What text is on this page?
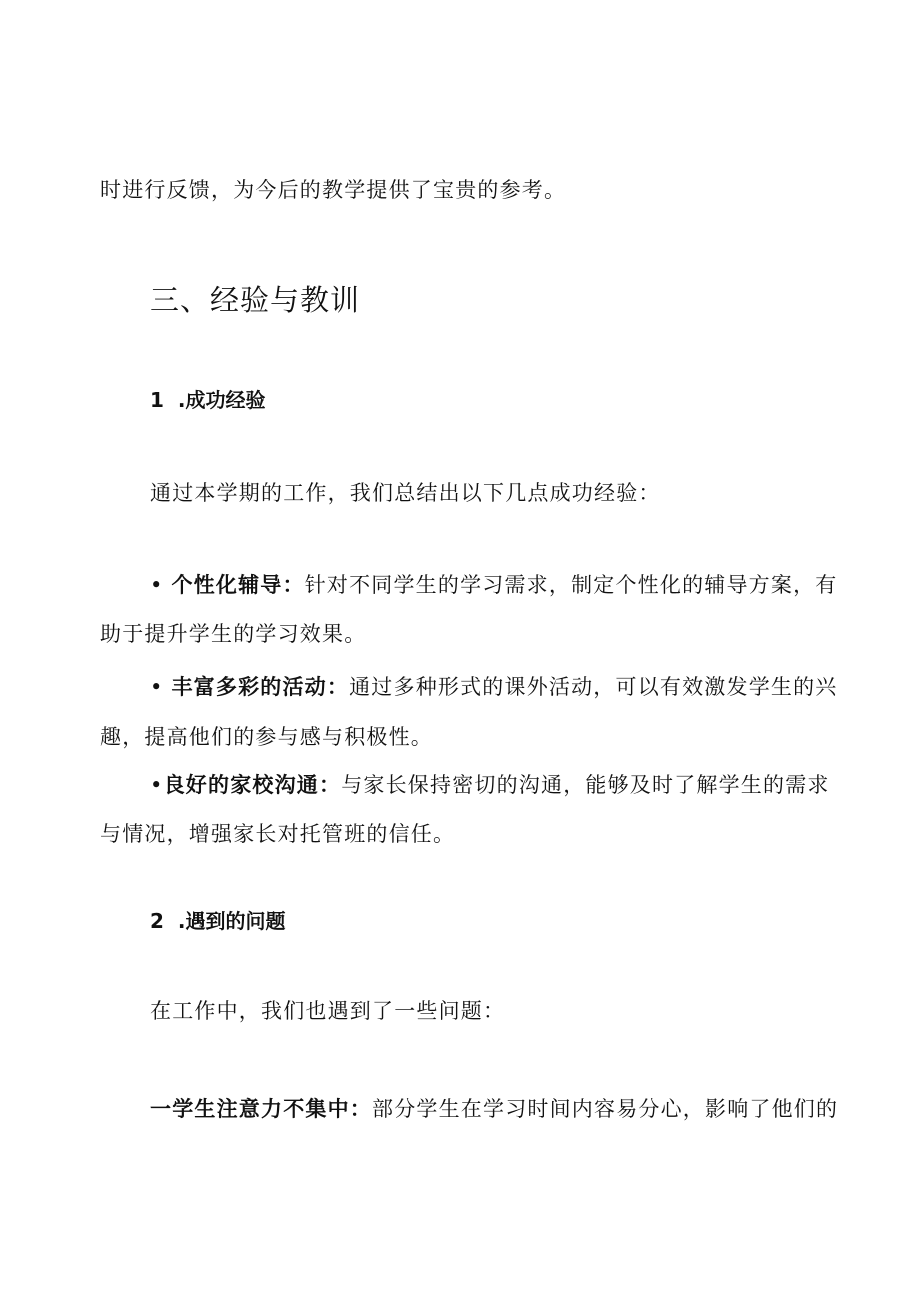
时进行反馈，为今后的教学提供了宝贵的参考。
三、经验与教训
1 .成功经验
通过本学期的工作，我们总结出以下几点成功经验：
• 个性化辅导：针对不同学生的学习需求，制定个性化的辅导方案，有
助于提升学生的学习效果。
• 丰富多彩的活动：通过多种形式的课外活动，可以有效激发学生的兴
趣，提高他们的参与感与积极性。
•良好的家校沟通：与家长保持密切的沟通，能够及时了解学生的需求
与情况，增强家长对托管班的信任。
2 .遇到的问题
在工作中，我们也遇到了一些问题：
一学生注意力不集中：部分学生在学习时间内容易分心，影响了他们的
